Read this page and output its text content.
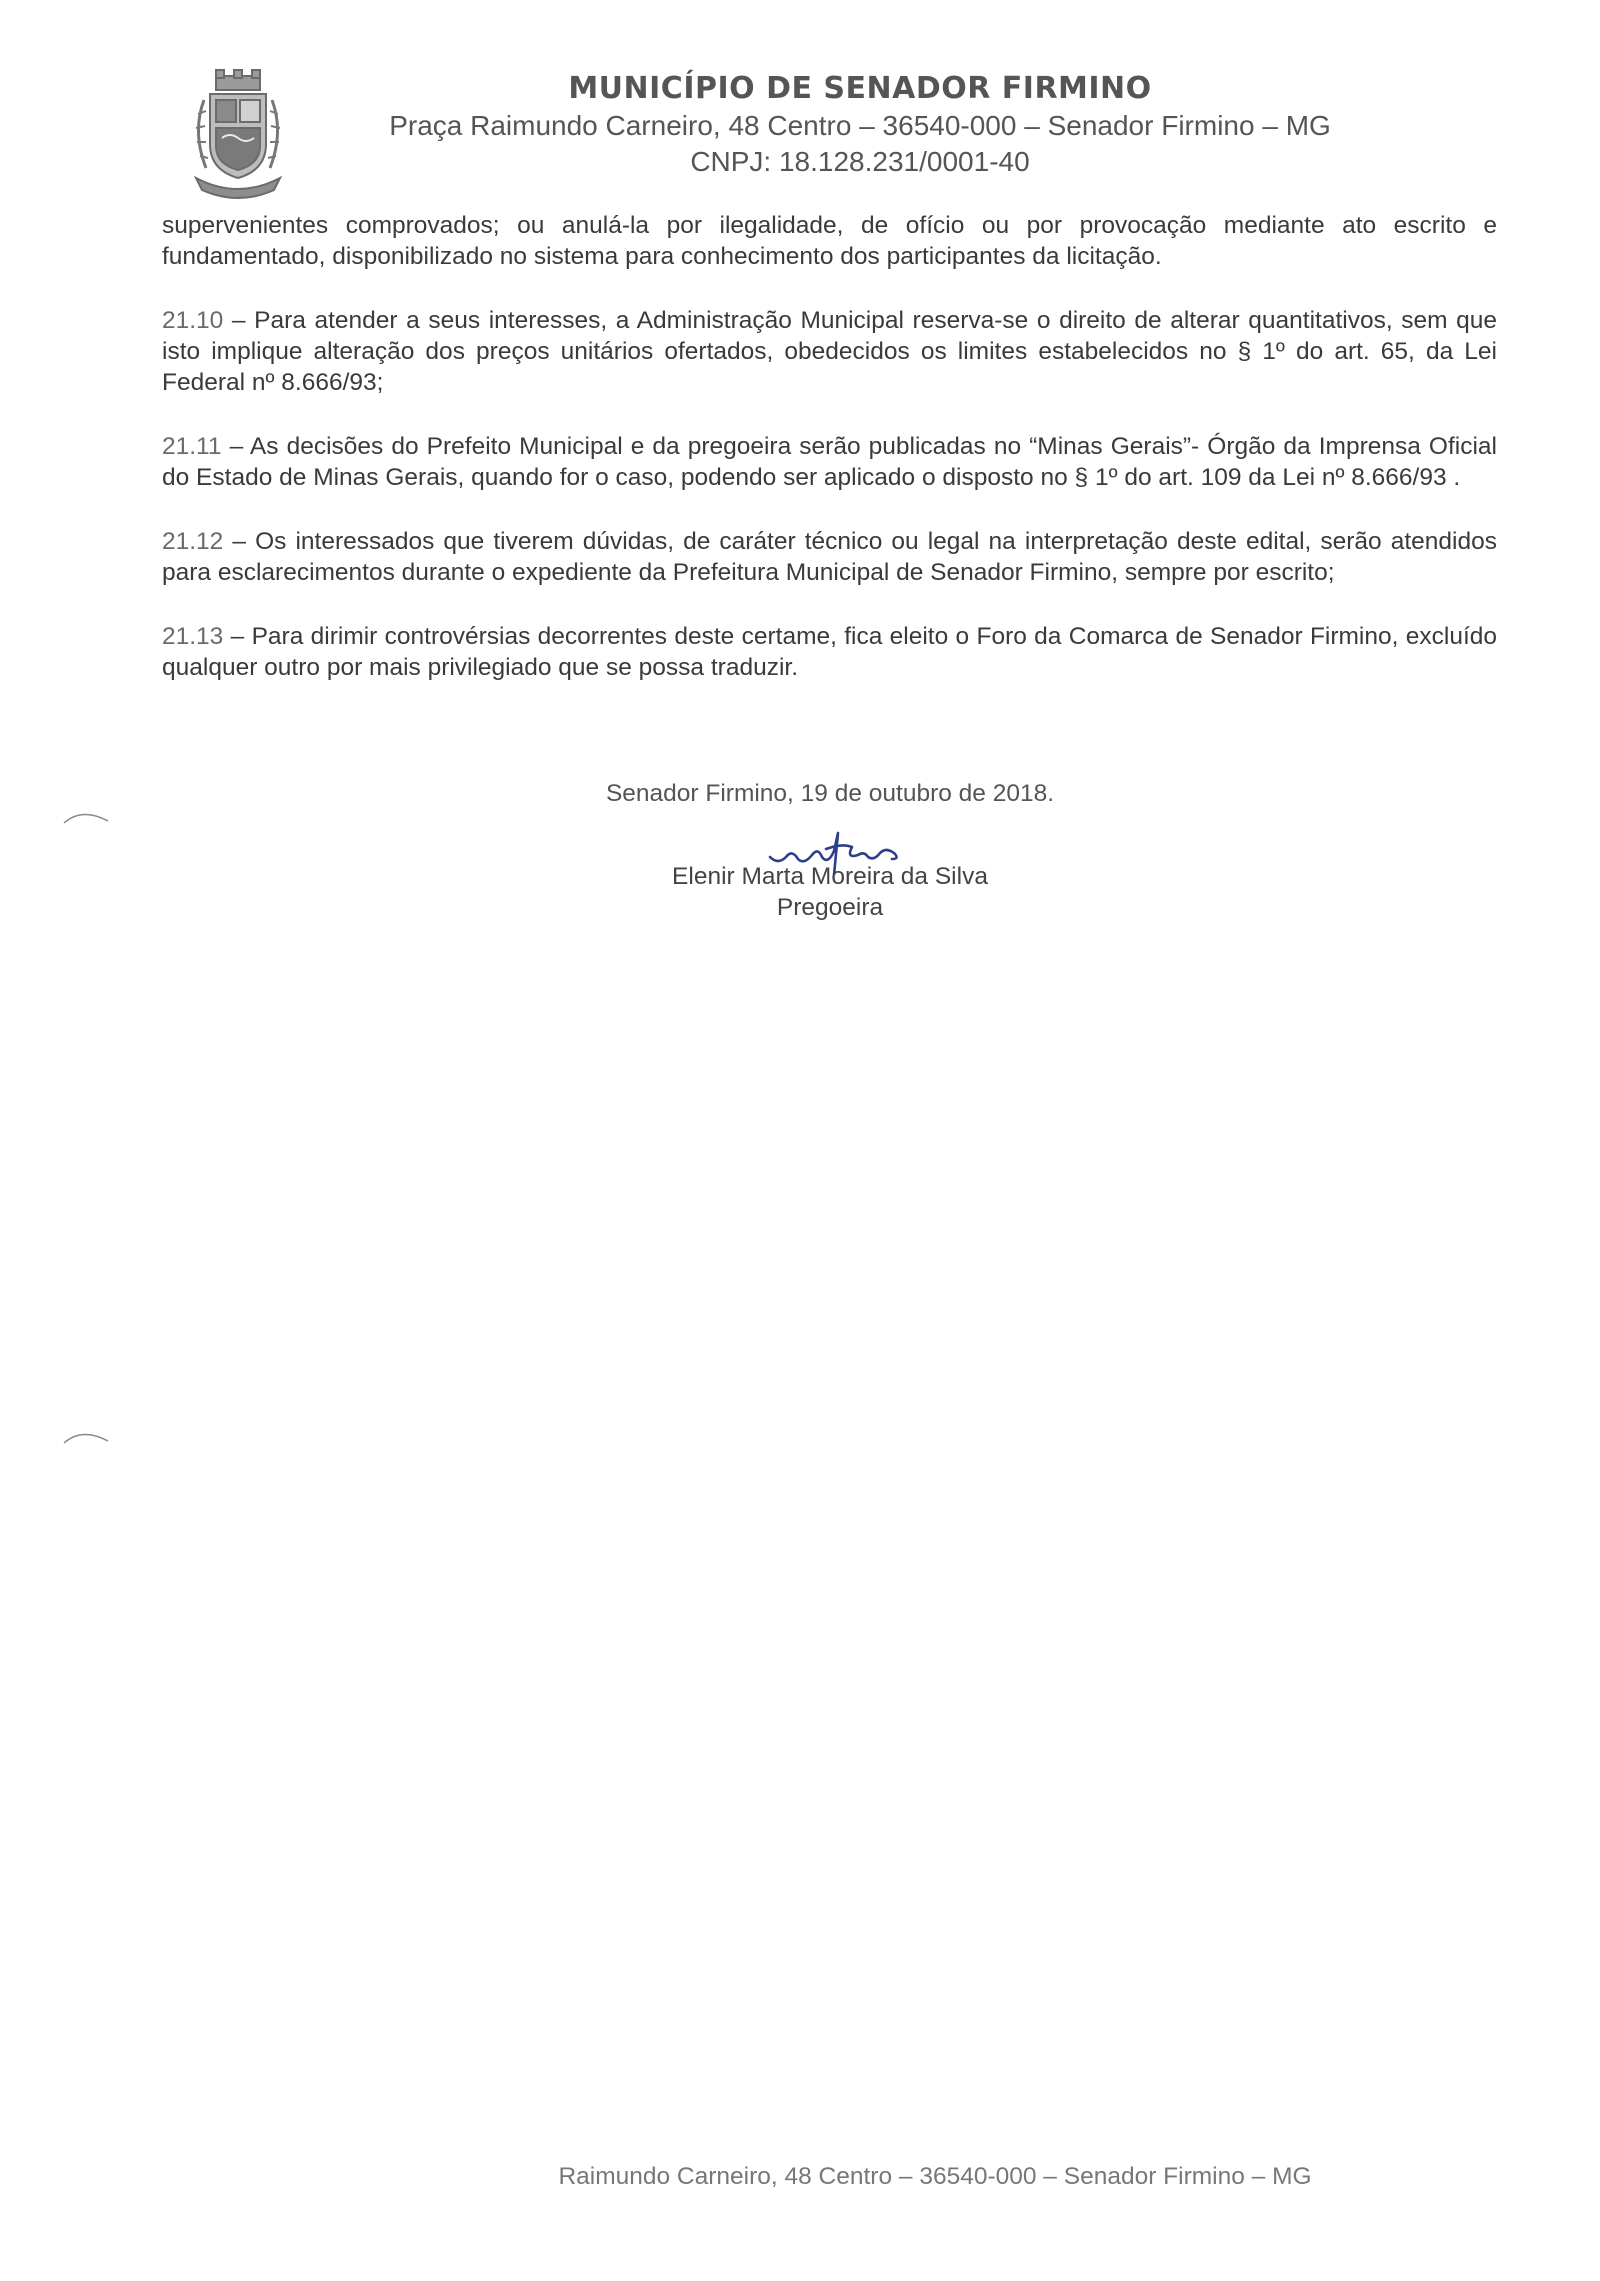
MUNICÍPIO DE SENADOR FIRMINO
Praça Raimundo Carneiro, 48 Centro – 36540-000 – Senador Firmino – MG
CNPJ: 18.128.231/0001-40

supervenientes comprovados; ou anulá-la por ilegalidade, de ofício ou por provocação mediante ato escrito e fundamentado, disponibilizado no sistema para conhecimento dos participantes da licitação.

21.10 – Para atender a seus interesses, a Administração Municipal reserva-se o direito de alterar quantitativos, sem que isto implique alteração dos preços unitários ofertados, obedecidos os limites estabelecidos no § 1º do art. 65, da Lei Federal nº 8.666/93;

21.11 – As decisões do Prefeito Municipal e da pregoeira serão publicadas no “Minas Gerais”- Órgão da Imprensa Oficial do Estado de Minas Gerais, quando for o caso, podendo ser aplicado o disposto no § 1º do art. 109 da Lei nº 8.666/93 .

21.12 – Os interessados que tiverem dúvidas, de caráter técnico ou legal na interpretação deste edital, serão atendidos para esclarecimentos durante o expediente da Prefeitura Municipal de Senador Firmino, sempre por escrito;

21.13 – Para dirimir controvérsias decorrentes deste certame, fica eleito o Foro da Comarca de Senador Firmino, excluído qualquer outro por mais privilegiado que se possa traduzir.

Senador Firmino, 19 de outubro de 2018.
Elenir Marta Moreira da Silva
Pregoeira
Raimundo Carneiro, 48 Centro – 36540-000 – Senador Firmino – MG
